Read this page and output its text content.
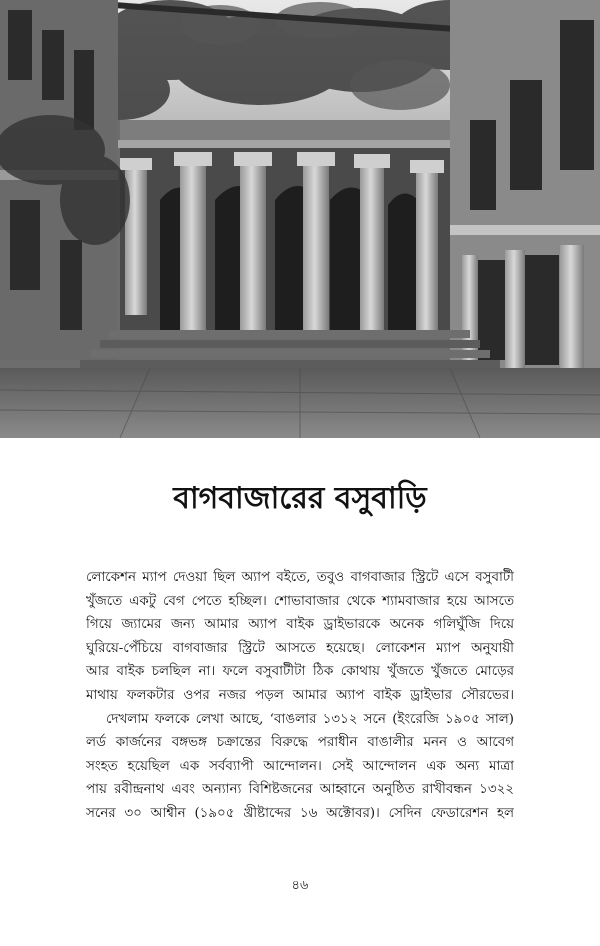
বাগবাজারের বসুবাড়ি
লোকেশন ম্যাপ দেওয়া ছিল অ্যাপ বইতে, তবুও বাগবাজার স্ট্রিটে এসে বসুবাটী
খুঁজতে একটু বেগ পেতে হচ্ছিল। শোভাবাজার থেকে শ্যামবাজার হয়ে আসতে
গিয়ে জ্যামের জন্য আমার অ্যাপ বাইক ড্রাইভারকে অনেক গলিঘুঁজি দিয়ে
ঘুরিয়ে-পেঁচিয়ে বাগবাজার স্ট্রিটে আসতে হয়েছে। লোকেশন ম্যাপ অনুযায়ী
আর বাইক চলছিল না। ফলে বসুবাটীটা ঠিক কোথায় খুঁজতে খুঁজতে মোড়ের
মাথায় ফলকটার ওপর নজর পড়ল আমার অ্যাপ বাইক ড্রাইভার সৌরভের।
দেখলাম ফলকে লেখা আছে, ‘বাঙলার ১৩১২ সনে (ইংরেজি ১৯০৫ সাল)
লর্ড কার্জনের বঙ্গভঙ্গ চক্রান্তের বিরুদ্ধে পরাধীন বাঙালীর মনন ও আবেগ
সংহত হয়েছিল এক সর্বব্যাপী আন্দোলন। সেই আন্দোলন এক অন্য মাত্রা
পায় রবীন্দ্রনাথ এবং অন্যান্য বিশিষ্টজনের আহ্বানে অনুষ্ঠিত রাখীবন্ধন ১৩২২
সনের ৩০ আশ্বীন (১৯০৫ খ্রীষ্টাব্দের ১৬ অক্টোবর)। সেদিন ফেডারেশন হল
৪৬
